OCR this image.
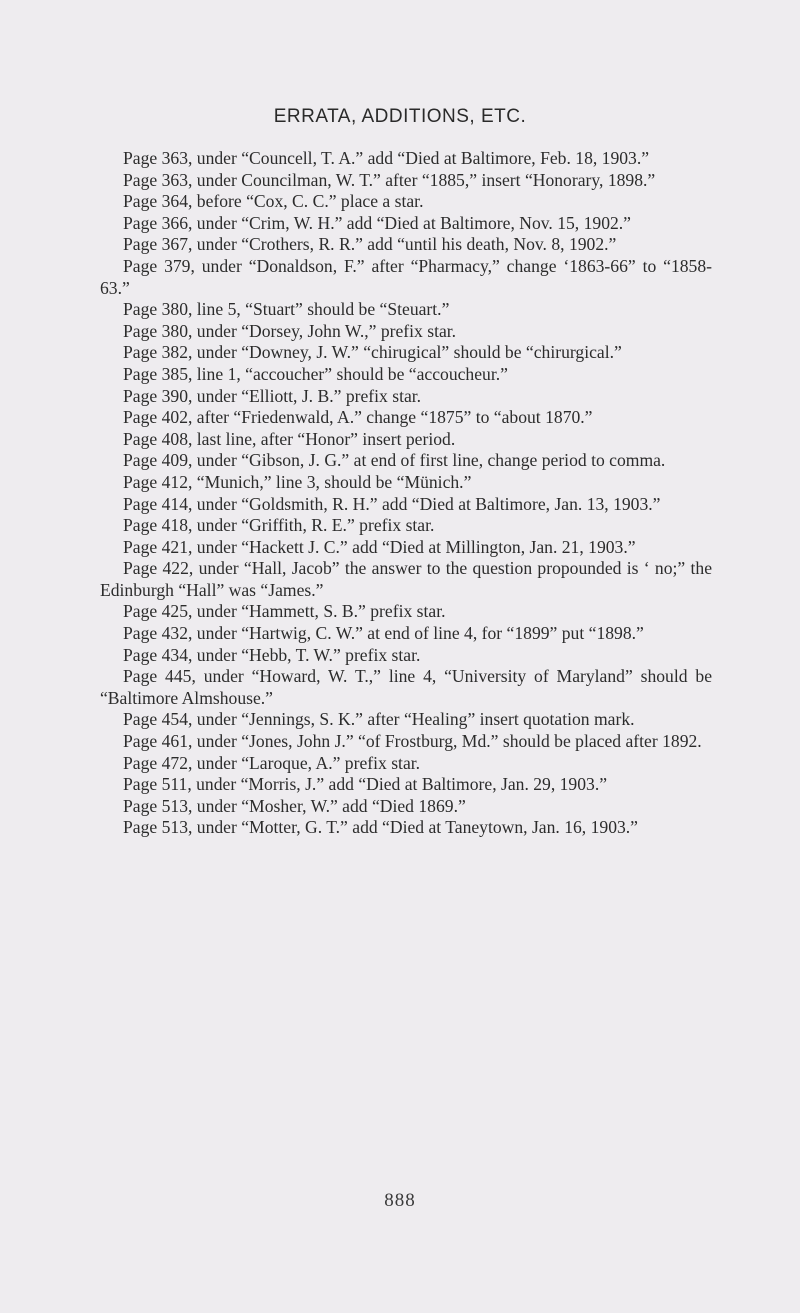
ERRATA, ADDITIONS, ETC.
Page 363, under “Councell, T. A.” add “Died at Baltimore, Feb. 18, 1903.”
Page 363, under Councilman, W. T.” after “1885,” insert “Honorary, 1898.”
Page 364, before “Cox, C. C.” place a star.
Page 366, under “Crim, W. H.” add “Died at Baltimore, Nov. 15, 1902.”
Page 367, under “Crothers, R. R.” add “until his death, Nov. 8, 1902.”
Page 379, under “Donaldson, F.” after “Pharmacy,” change ‘1863-66” to “1858-63.”
Page 380, line 5, “Stuart” should be “Steuart.”
Page 380, under “Dorsey, John W.,” prefix star.
Page 382, under “Downey, J. W.” “chirugical” should be “chirurgical.”
Page 385, line 1, “accoucher” should be “accoucheur.”
Page 390, under “Elliott, J. B.” prefix star.
Page 402, after “Friedenwald, A.” change “1875” to “about 1870.”
Page 408, last line, after “Honor” insert period.
Page 409, under “Gibson, J. G.” at end of first line, change period to comma.
Page 412, “Munich,” line 3, should be “Münich.”
Page 414, under “Goldsmith, R. H.” add “Died at Baltimore, Jan. 13, 1903.”
Page 418, under “Griffith, R. E.” prefix star.
Page 421, under “Hackett J. C.” add “Died at Millington, Jan. 21, 1903.”
Page 422, under “Hall, Jacob” the answer to the question propounded is ‘ no;” the Edinburgh “Hall” was “James.”
Page 425, under “Hammett, S. B.” prefix star.
Page 432, under “Hartwig, C. W.” at end of line 4, for “1899” put “1898.”
Page 434, under “Hebb, T. W.” prefix star.
Page 445, under “Howard, W. T.,” line 4, “University of Maryland” should be “Baltimore Almshouse.”
Page 454, under “Jennings, S. K.” after “Healing” insert quotation mark.
Page 461, under “Jones, John J.” “of Frostburg, Md.” should be placed after 1892.
Page 472, under “Laroque, A.” prefix star.
Page 511, under “Morris, J.” add “Died at Baltimore, Jan. 29, 1903.”
Page 513, under “Mosher, W.” add “Died 1869.”
Page 513, under “Motter, G. T.” add “Died at Taneytown, Jan. 16, 1903.”
888
